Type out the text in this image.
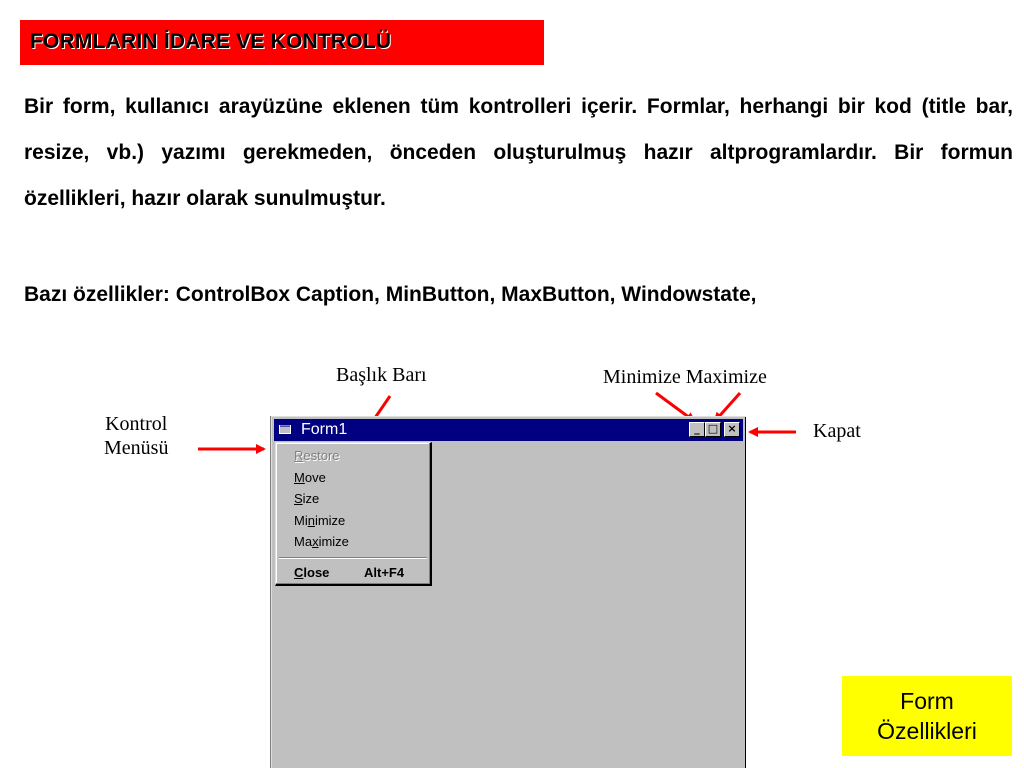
FORMLARIN İDARE VE KONTROLÜ
Bir form, kullanıcı arayüzüne eklenen tüm kontrolleri içerir. Formlar, herhangi bir kod (title bar, resize, vb.) yazımı gerekmeden, önceden oluşturulmuş hazır altprogramlardır. Bir formun özellikleri, hazır olarak sunulmuştur.
Bazı özellikler: ControlBox Caption, MinButton, MaxButton, Windowstate,
Başlık Barı	Minimize Maximize
Kontrol
Menüsü
Kapat
Form1	_ □ ×
Restore
Move
Size
Minimize
Maximize
Close	Alt+F4
Form
Özellikleri
